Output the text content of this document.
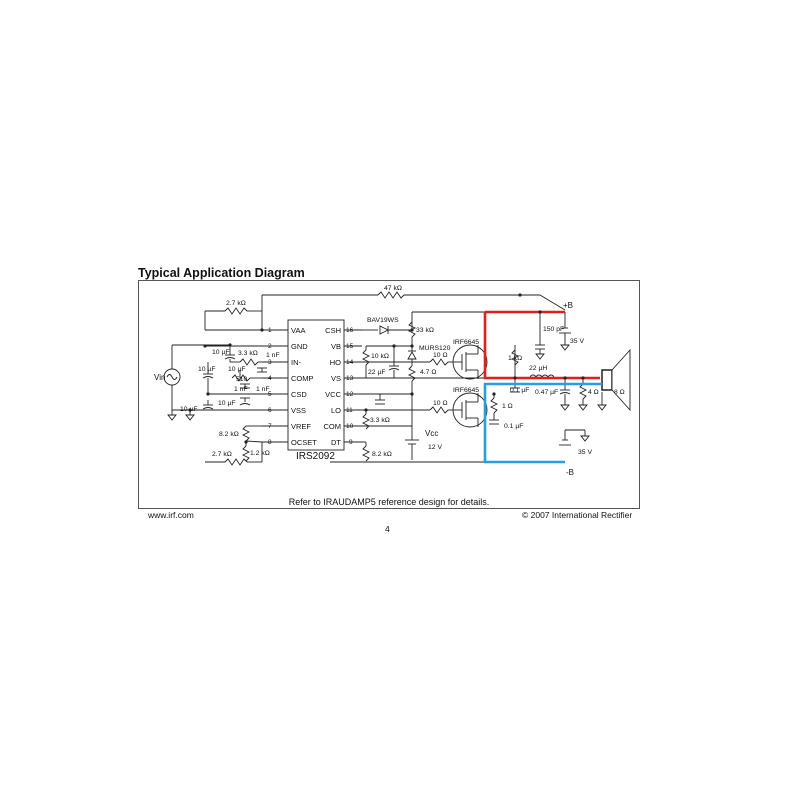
Typical Application Diagram
1
2
3
4
5
6
7
8
16
15
14
13
12
11
10
9
VAA
GND
IN-
COMP
CSD
VSS
VREF
OCSET
CSH
VB
HO
VS
VCC
LO
COM
DT
IRS2092
47 kΩ
2.7 kΩ
2.7 kΩ
3.3 kΩ
10 µF
10 µF 10 µF
10 µF
10 µF
1 nF
1 nF 1 nF
510
8.2 kΩ
8.2 kΩ
1.2 kΩ
BAV19WS
33 kΩ
10 kΩ
22 µF
MURS120
4.7 Ω
10 Ω
10 Ω
3.3 kΩ
12 V
IRF6645
IRF6645
1 kΩ
22 µH
150 pF
0.1 µF
0.1 µF
1 Ω
0.47 µF	4 Ω 8 Ω
35 V
35 V
Vin
Vcc
+B
-B
Refer to IRAUDAMP5 reference design for details.
www.irf.com	© 2007 International Rectifier
4
